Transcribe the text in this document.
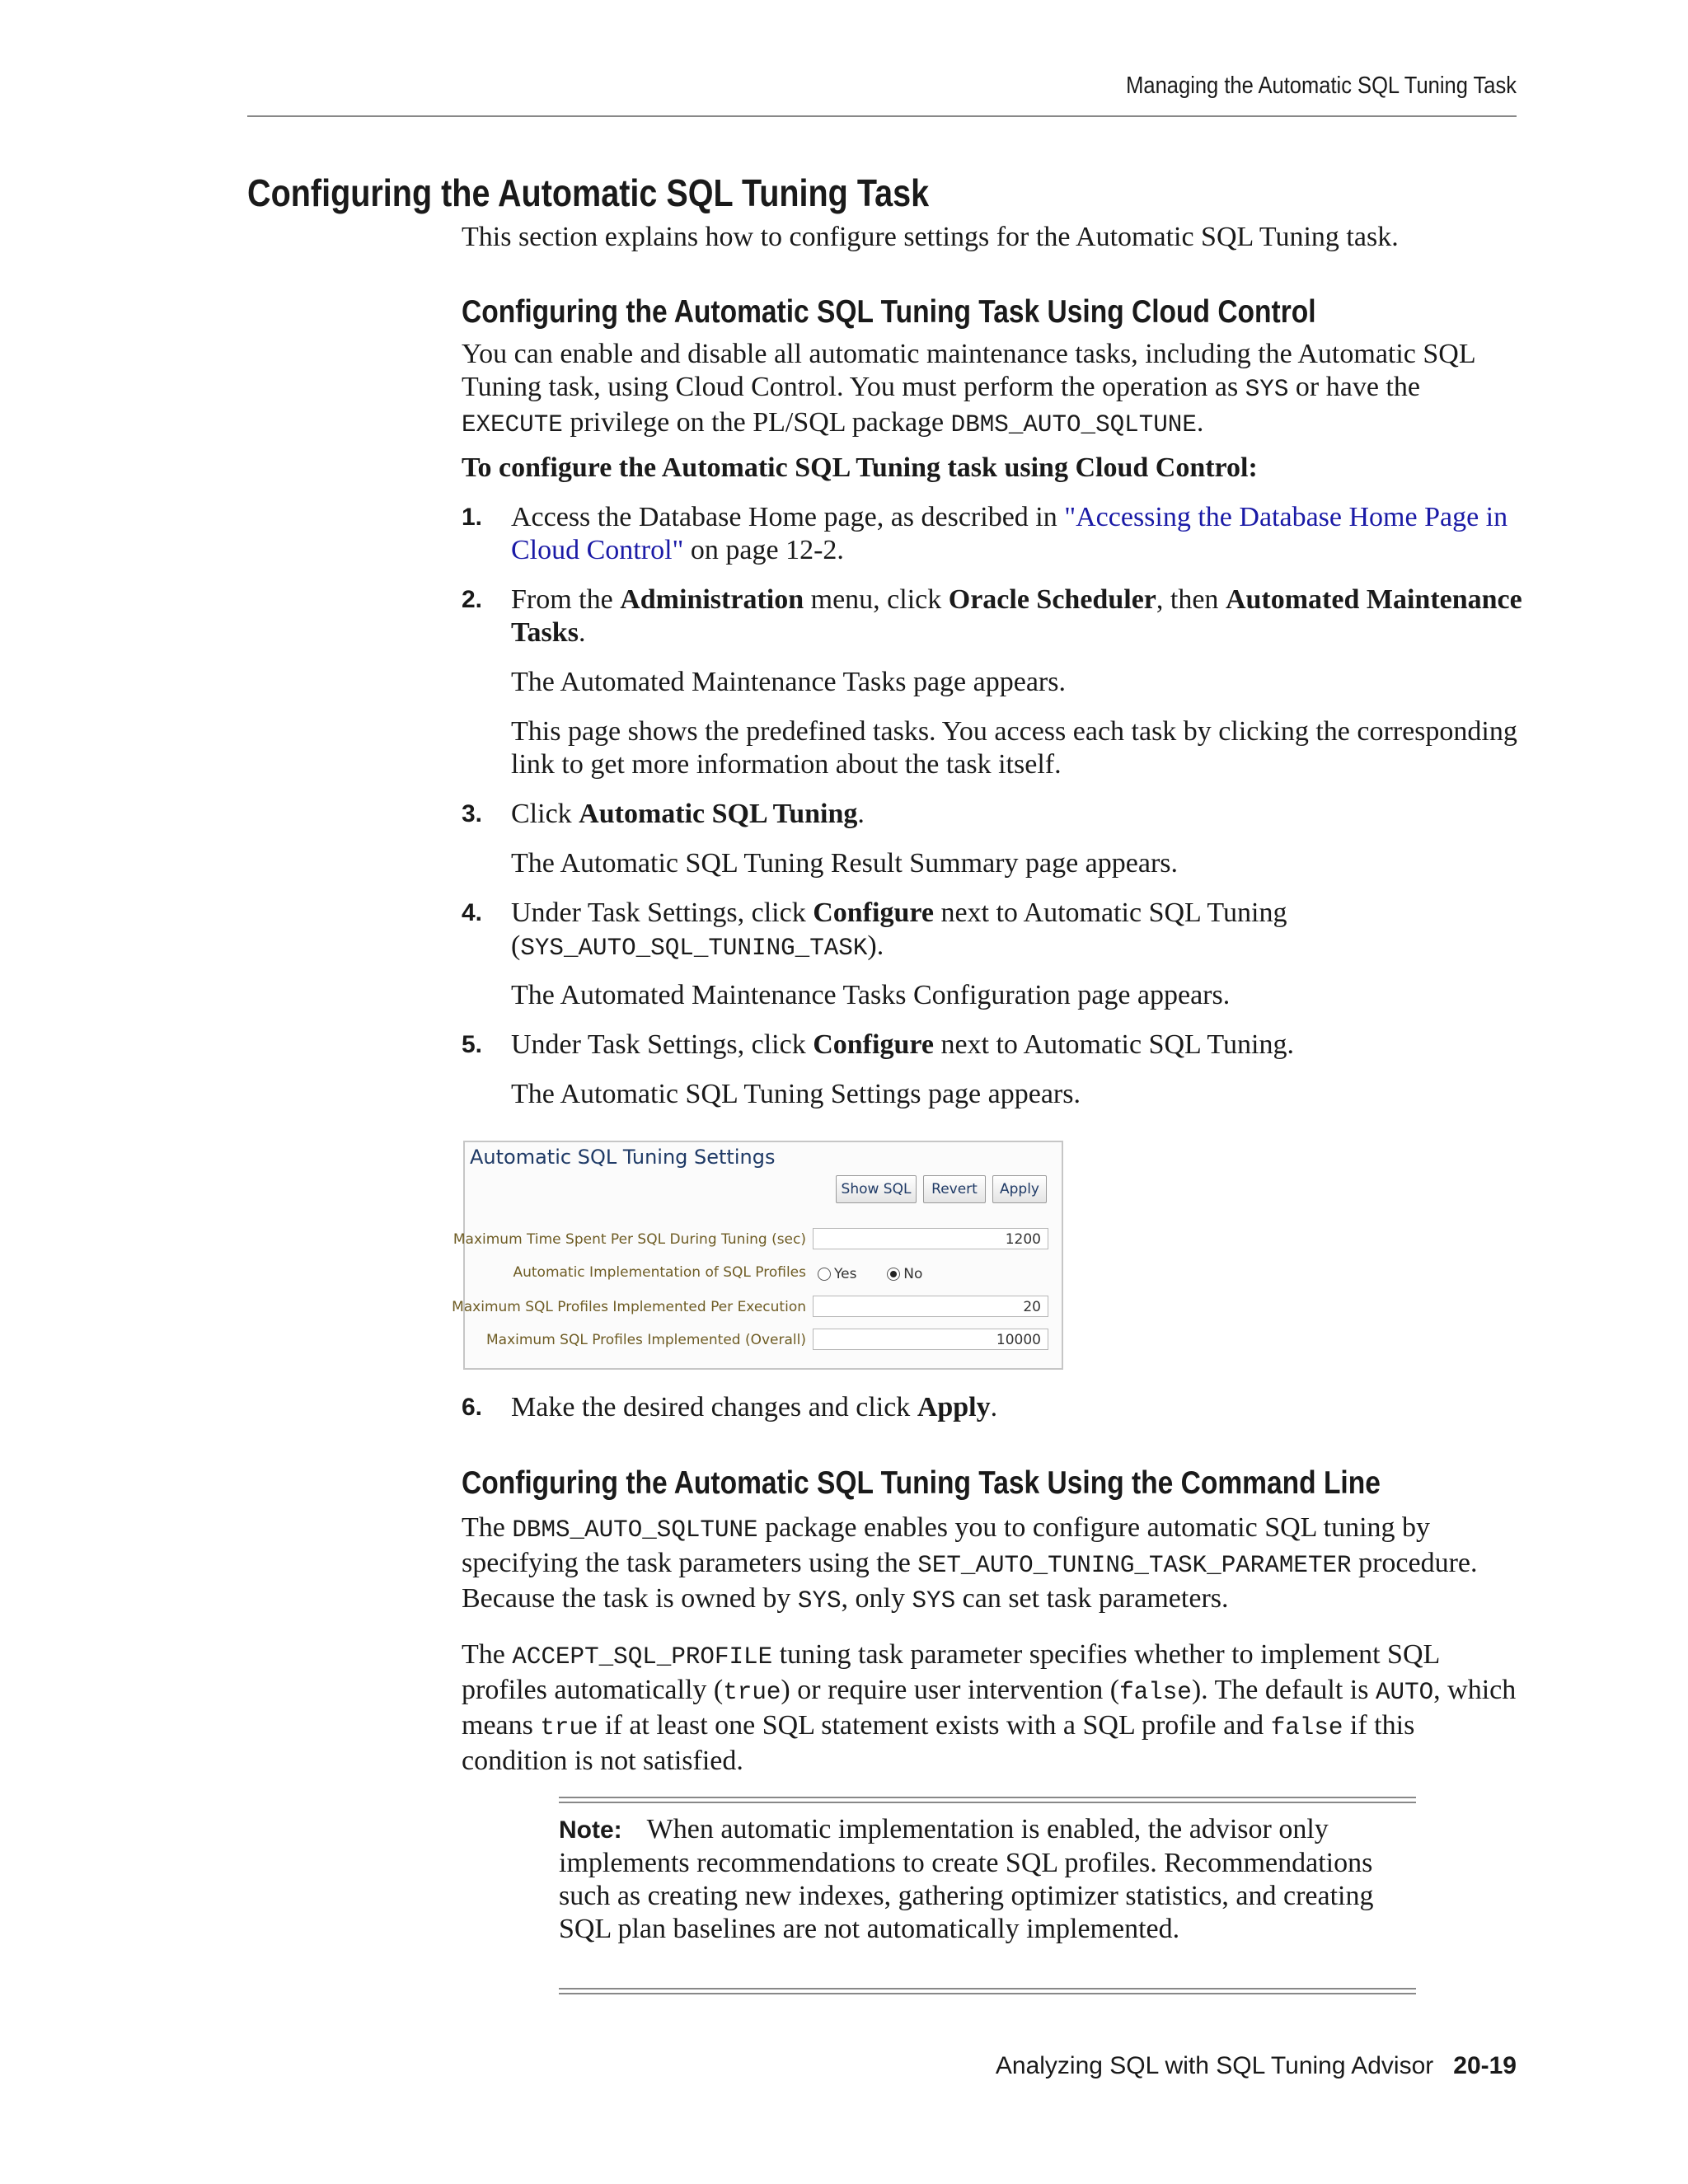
Managing the Automatic SQL Tuning Task
Configuring the Automatic SQL Tuning Task

This section explains how to configure settings for the Automatic SQL Tuning task.

Configuring the Automatic SQL Tuning Task Using Cloud Control

You can enable and disable all automatic maintenance tasks, including the Automatic SQL Tuning task, using Cloud Control. You must perform the operation as SYS or have the EXECUTE privilege on the PL/SQL package DBMS_AUTO_SQLTUNE.

To configure the Automatic SQL Tuning task using Cloud Control:

1. Access the Database Home page, as described in "Accessing the Database Home Page in Cloud Control" on page 12-2.
2. From the Administration menu, click Oracle Scheduler, then Automated Maintenance Tasks.
The Automated Maintenance Tasks page appears.
This page shows the predefined tasks. You access each task by clicking the corresponding link to get more information about the task itself.
3. Click Automatic SQL Tuning.
The Automatic SQL Tuning Result Summary page appears.
4. Under Task Settings, click Configure next to Automatic SQL Tuning (SYS_AUTO_SQL_TUNING_TASK).
The Automated Maintenance Tasks Configuration page appears.
5. Under Task Settings, click Configure next to Automatic SQL Tuning.
The Automatic SQL Tuning Settings page appears.
Automatic SQL Tuning Settings
Show SQL	Revert	Apply
Maximum Time Spent Per SQL During Tuning (sec)	1200
Automatic Implementation of SQL Profiles	Yes	No
Maximum SQL Profiles Implemented Per Execution	20
Maximum SQL Profiles Implemented (Overall)	10000
6. Make the desired changes and click Apply.
Configuring the Automatic SQL Tuning Task Using the Command Line

The DBMS_AUTO_SQLTUNE package enables you to configure automatic SQL tuning by specifying the task parameters using the SET_AUTO_TUNING_TASK_PARAMETER procedure. Because the task is owned by SYS, only SYS can set task parameters.

The ACCEPT_SQL_PROFILE tuning task parameter specifies whether to implement SQL profiles automatically (true) or require user intervention (false). The default is AUTO, which means true if at least one SQL statement exists with a SQL profile and false if this condition is not satisfied.

Note: When automatic implementation is enabled, the advisor only implements recommendations to create SQL profiles. Recommendations such as creating new indexes, gathering optimizer statistics, and creating SQL plan baselines are not automatically implemented.
Analyzing SQL with SQL Tuning Advisor 20-19
